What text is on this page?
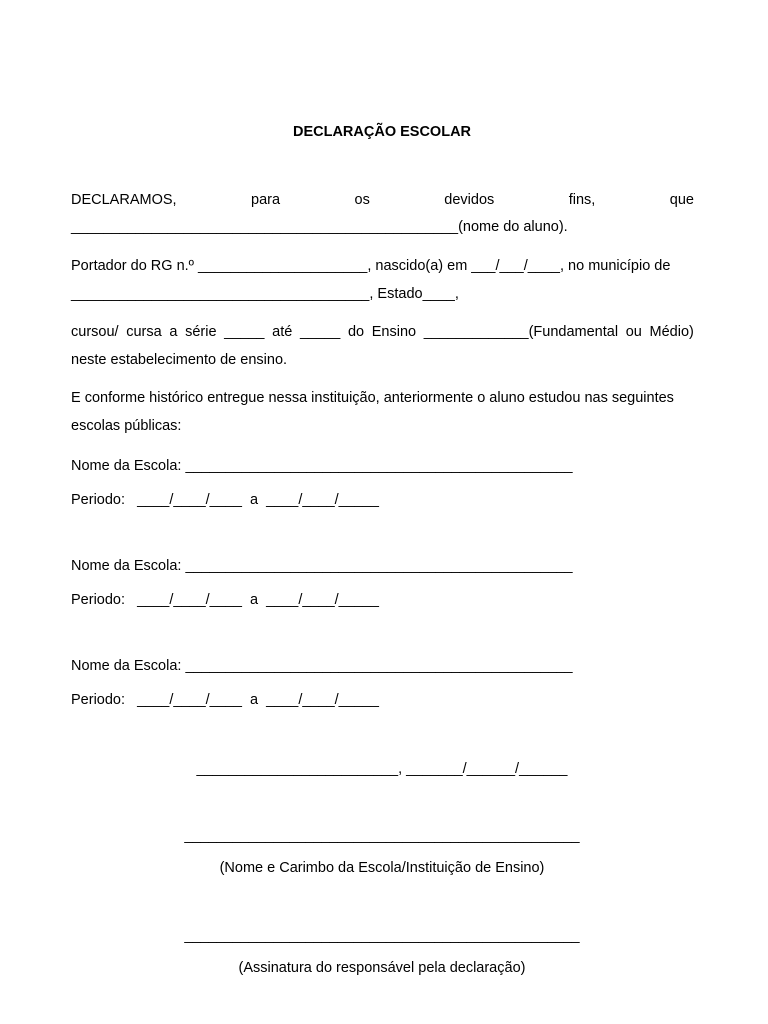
DECLARAÇÃO ESCOLAR
DECLARAMOS,	para	os	devidos	fins,	que
________________________________________________(nome do aluno).
Portador do RG n.º _____________________, nascido(a) em ___/___/____, no município de
_____________________________________, Estado____,
cursou/ cursa a série _____ até _____ do Ensino _____________(Fundamental ou Médio)
neste estabelecimento de ensino.
E conforme histórico entregue nessa instituição, anteriormente o aluno estudou nas seguintes
escolas públicas:
Nome da Escola: ________________________________________________
Periodo:   ____/____/____  a  ____/____/_____
Nome da Escola: ________________________________________________
Periodo:   ____/____/____  a  ____/____/_____
Nome da Escola: ________________________________________________
Periodo:   ____/____/____  a  ____/____/_____
_________________________, _______/______/______
_________________________________________________
(Nome e Carimbo da Escola/Instituição de Ensino)
_________________________________________________
(Assinatura do responsável pela declaração)
